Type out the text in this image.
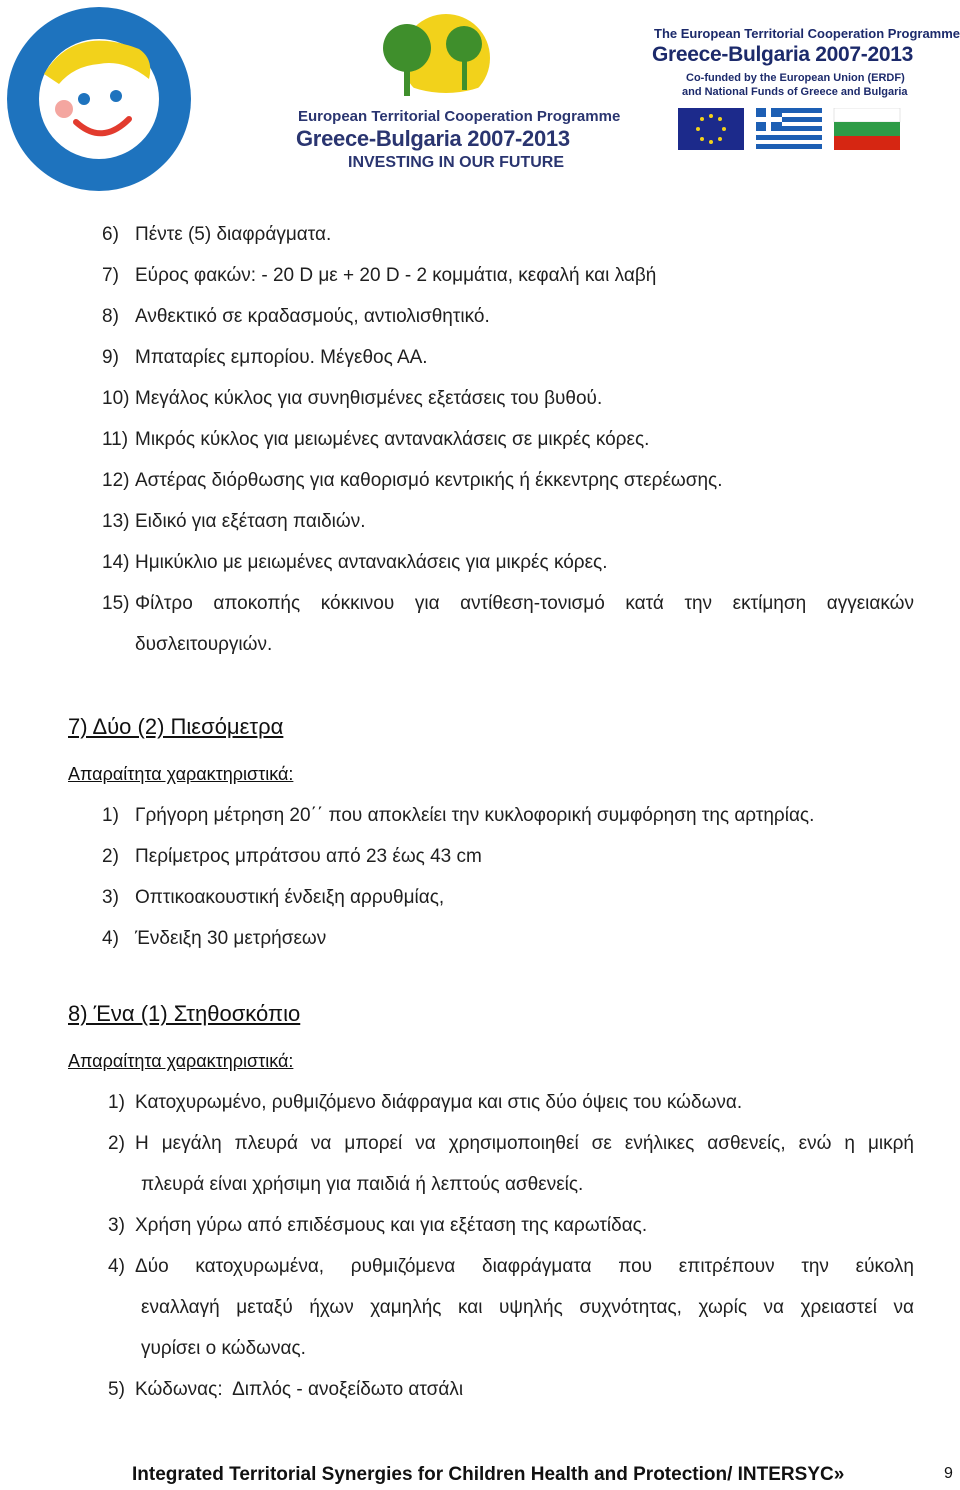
European Territorial Cooperation Programme
Greece-Bulgaria 2007-2013
INVESTING IN OUR FUTURE
The European Territorial Cooperation Programme
Greece-Bulgaria 2007-2013
Co-funded by the European Union (ERDF)
and National Funds of Greece and Bulgaria
6) Πέντε (5) διαφράγματα.
7) Εύρος φακών: - 20 D με + 20 D - 2 κομμάτια, κεφαλή και λαβή
8) Ανθεκτικό σε κραδασμούς, αντιολισθητικό.
9) Μπαταρίες εμπορίου. Μέγεθος ΑΑ.
10) Μεγάλος κύκλος για συνηθισμένες εξετάσεις του βυθού.
11) Μικρός κύκλος για μειωμένες αντανακλάσεις σε μικρές κόρες.
12) Αστέρας διόρθωσης για καθορισμό κεντρικής ή έκκεντρης στερέωσης.
13) Ειδικό για εξέταση παιδιών.
14) Ημικύκλιο με μειωμένες αντανακλάσεις για μικρές κόρες.
15) Φίλτρο αποκοπής κόκκινου για αντίθεση-τονισμό κατά την εκτίμηση αγγειακών
δυσλειτουργιών.
7) Δύο (2) Πιεσόμετρα
Απαραίτητα χαρακτηριστικά:
1) Γρήγορη μέτρηση 20΄΄ που αποκλείει την κυκλοφορική συμφόρηση της αρτηρίας.
2) Περίμετρος μπράτσου από 23 έως 43 cm
3) Οπτικοακουστική ένδειξη αρρυθμίας,
4) Ένδειξη 30 μετρήσεων
8) Ένα (1) Στηθοσκόπιο
Απαραίτητα χαρακτηριστικά:
1) Κατοχυρωμένο, ρυθμιζόμενο διάφραγμα και στις δύο όψεις του κώδωνα.
2) Η μεγάλη πλευρά να μπορεί να χρησιμοποιηθεί σε ενήλικες ασθενείς, ενώ η μικρή
πλευρά είναι χρήσιμη για παιδιά ή λεπτούς ασθενείς.
3) Χρήση γύρω από επιδέσμους και για εξέταση της καρωτίδας.
4) Δύο κατοχυρωμένα, ρυθμιζόμενα διαφράγματα που επιτρέπουν την εύκολη
εναλλαγή μεταξύ ήχων χαμηλής και υψηλής συχνότητας, χωρίς να χρειαστεί να
γυρίσει ο κώδωνας.
5) Κώδωνας:  Διπλός - ανοξείδωτο ατσάλι
Integrated Territorial Synergies for Children Health and Protection/ INTERSYC»	9
